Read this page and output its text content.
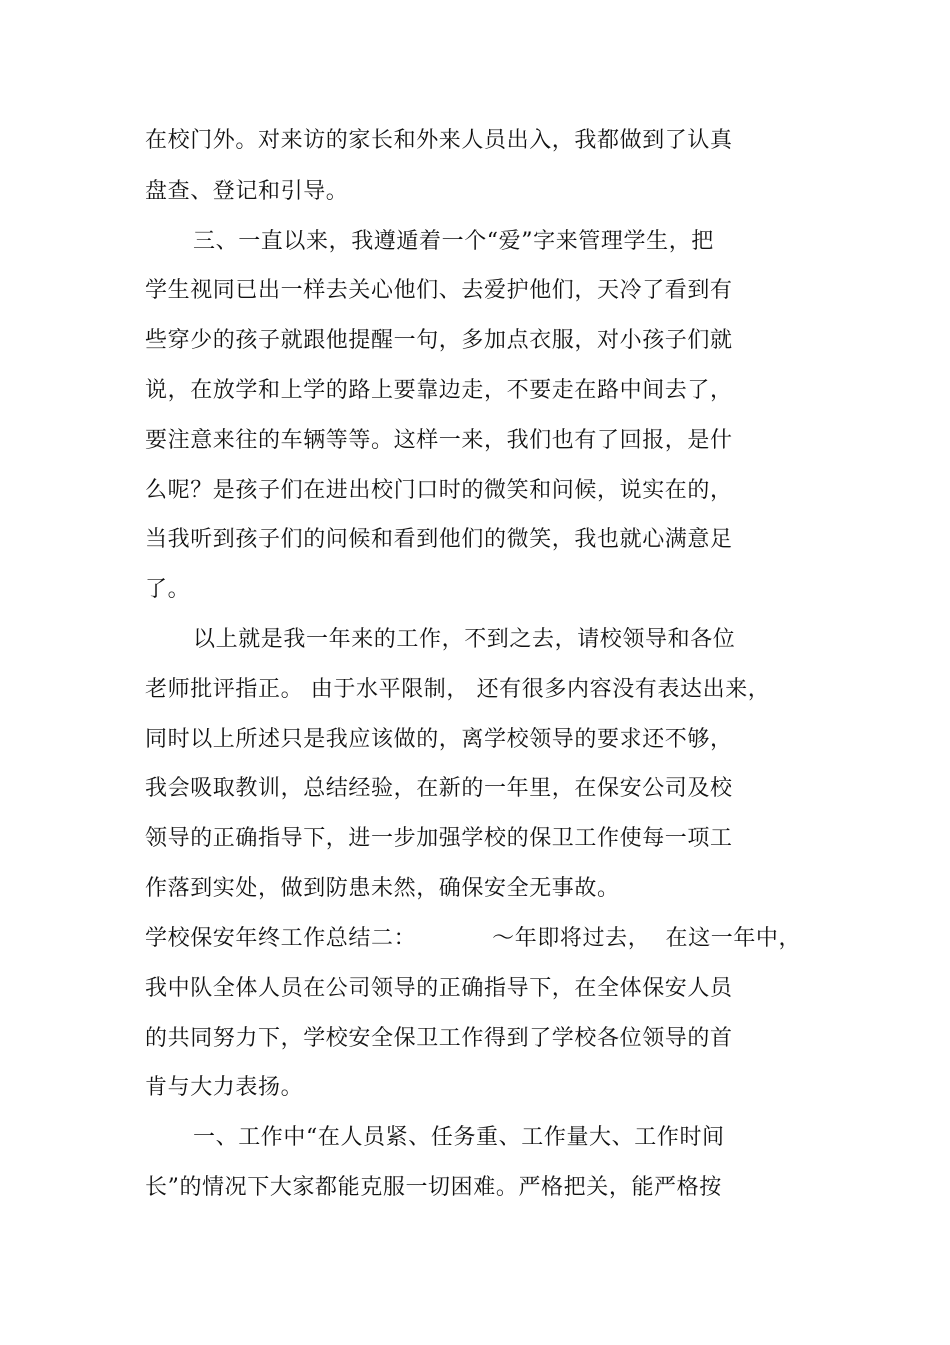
在校门外。对来访的家长和外来人员出入，我都做到了认真
盘查、登记和引导。
三、一直以来，我遵遁着一个“爱”字来管理学生，把
学生视同已出一样去关心他们、去爱护他们，天冷了看到有
些穿少的孩子就跟他提醒一句，多加点衣服，对小孩子们就
说，在放学和上学的路上要靠边走，不要走在路中间去了，
要注意来往的车辆等等。这样一来，我们也有了回报，是什
么呢？是孩子们在进出校门口时的微笑和问候，说实在的，
当我听到孩子们的问候和看到他们的微笑，我也就心满意足
了。
以上就是我一年来的工作，不到之去，请校领导和各位
老师批评指正。 由于水平限制， 还有很多内容没有表达出来，
同时以上所述只是我应该做的，离学校领导的要求还不够，
我会吸取教训，总结经验，在新的一年里，在保安公司及校
领导的正确指导下，进一步加强学校的保卫工作使每一项工
作落到实处，做到防患未然，确保安全无事故。
学校保安年终工作总结二：          ～年即将过去，  在这一年中，
我中队全体人员在公司领导的正确指导下，在全体保安人员
的共同努力下，学校安全保卫工作得到了学校各位领导的首
肯与大力表扬。
一、工作中“在人员紧、任务重、工作量大、工作时间
长”的情况下大家都能克服一切困难。严格把关，能严格按
